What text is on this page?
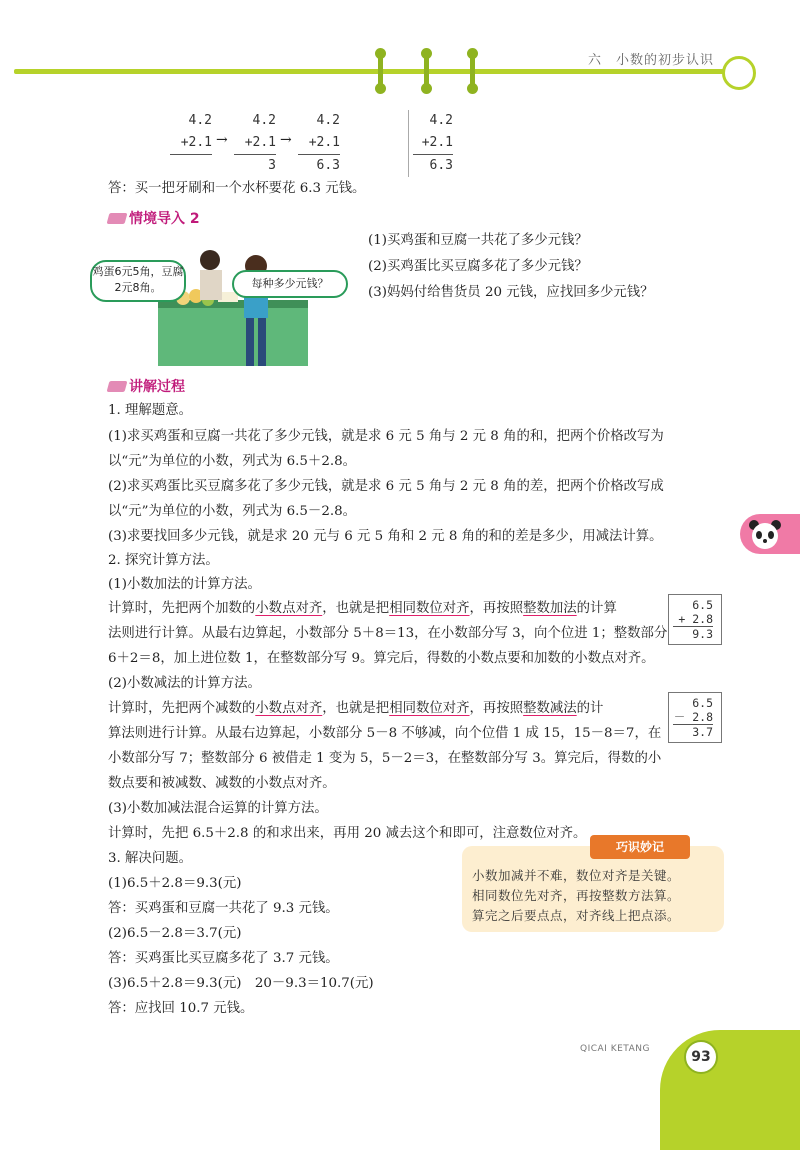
六　小数的初步认识
4.2
+2.1 →
4.2
+2.1
3
→
4.2
+2.1
6.3
4.2
+2.1
6.3
答：买一把牙刷和一个水杯要花 6.3 元钱。
情境导入 2
鸡蛋6元5角，豆腐2元8角。	每种多少元钱？
(1)买鸡蛋和豆腐一共花了多少元钱？
(2)买鸡蛋比买豆腐多花了多少元钱？
(3)妈妈付给售货员 20 元钱，应找回多少元钱？
讲解过程
1. 理解题意。
(1)求买鸡蛋和豆腐一共花了多少元钱，就是求 6 元 5 角与 2 元 8 角的和，把两个价格改写为
以“元”为单位的小数，列式为 6.5＋2.8。
(2)求买鸡蛋比买豆腐多花了多少元钱，就是求 6 元 5 角与 2 元 8 角的差，把两个价格改写成
以“元”为单位的小数，列式为 6.5－2.8。
(3)求要找回多少元钱，就是求 20 元与 6 元 5 角和 2 元 8 角的和的差是多少，用减法计算。
2. 探究计算方法。
(1)小数加法的计算方法。
计算时，先把两个加数的小数点对齐，也就是把相同数位对齐，再按照整数加法的计算
法则进行计算。从最右边算起，小数部分 5＋8＝13，在小数部分写 3，向个位进 1；整数部分
6＋2＝8，加上进位数 1，在整数部分写 9。算完后，得数的小数点要和加数的小数点对齐。
(2)小数减法的计算方法。
计算时，先把两个减数的小数点对齐，也就是把相同数位对齐，再按照整数减法的计
算法则进行计算。从最右边算起，小数部分 5－8 不够减，向个位借 1 成 15，15－8＝7，在
小数部分写 7；整数部分 6 被借走 1 变为 5，5－2＝3，在整数部分写 3。算完后，得数的小
数点要和被减数、减数的小数点对齐。
(3)小数加减法混合运算的计算方法。
计算时，先把 6.5＋2.8 的和求出来，再用 20 减去这个和即可，注意数位对齐。
3. 解决问题。
(1)6.5＋2.8＝9.3(元)
答：买鸡蛋和豆腐一共花了 9.3 元钱。
(2)6.5－2.8＝3.7(元)
答：买鸡蛋比买豆腐多花了 3.7 元钱。
(3)6.5＋2.8＝9.3(元)　20－9.3＝10.7(元)
答：应找回 10.7 元钱。
6.5
+ 2.8
9.3
6.5
－ 2.8
3.7
巧识妙记
小数加减并不难，数位对齐是关键。
相同数位先对齐，再按整数方法算。
算完之后要点点，对齐线上把点添。
QICAI KETANG	93
